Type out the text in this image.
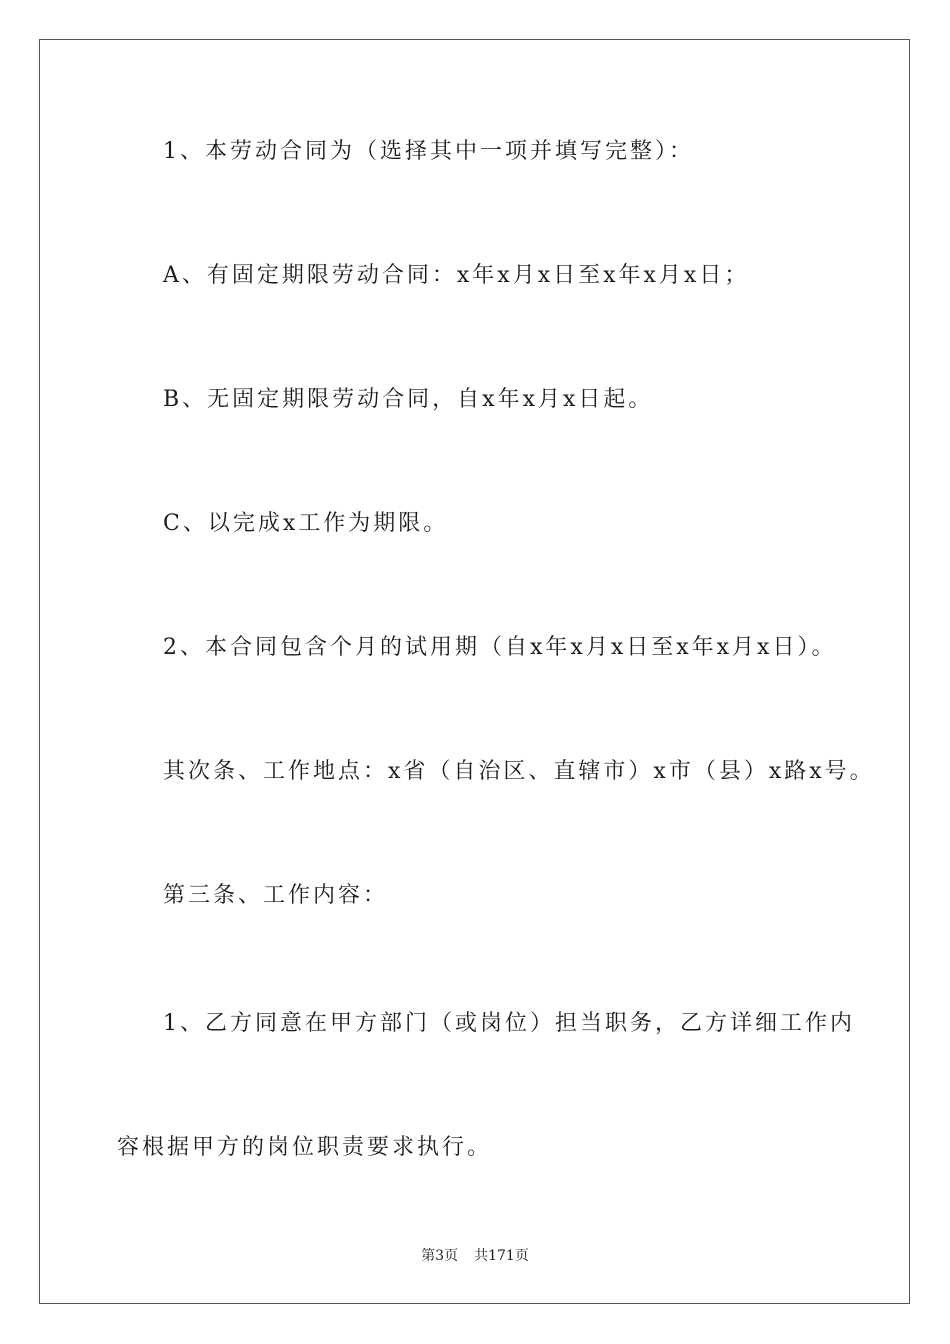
1、本劳动合同为（选择其中一项并填写完整）：

A、有固定期限劳动合同：x年x月x日至x年x月x日；

B、无固定期限劳动合同，自x年x月x日起。

C、以完成x工作为期限。

2、本合同包含个月的试用期（自x年x月x日至x年x月x日）。

其次条、工作地点：x省（自治区、直辖市）x市（县）x路x号。

第三条、工作内容：

1、乙方同意在甲方部门（或岗位）担当职务，乙方详细工作内

容根据甲方的岗位职责要求执行。

第3页 共171页
